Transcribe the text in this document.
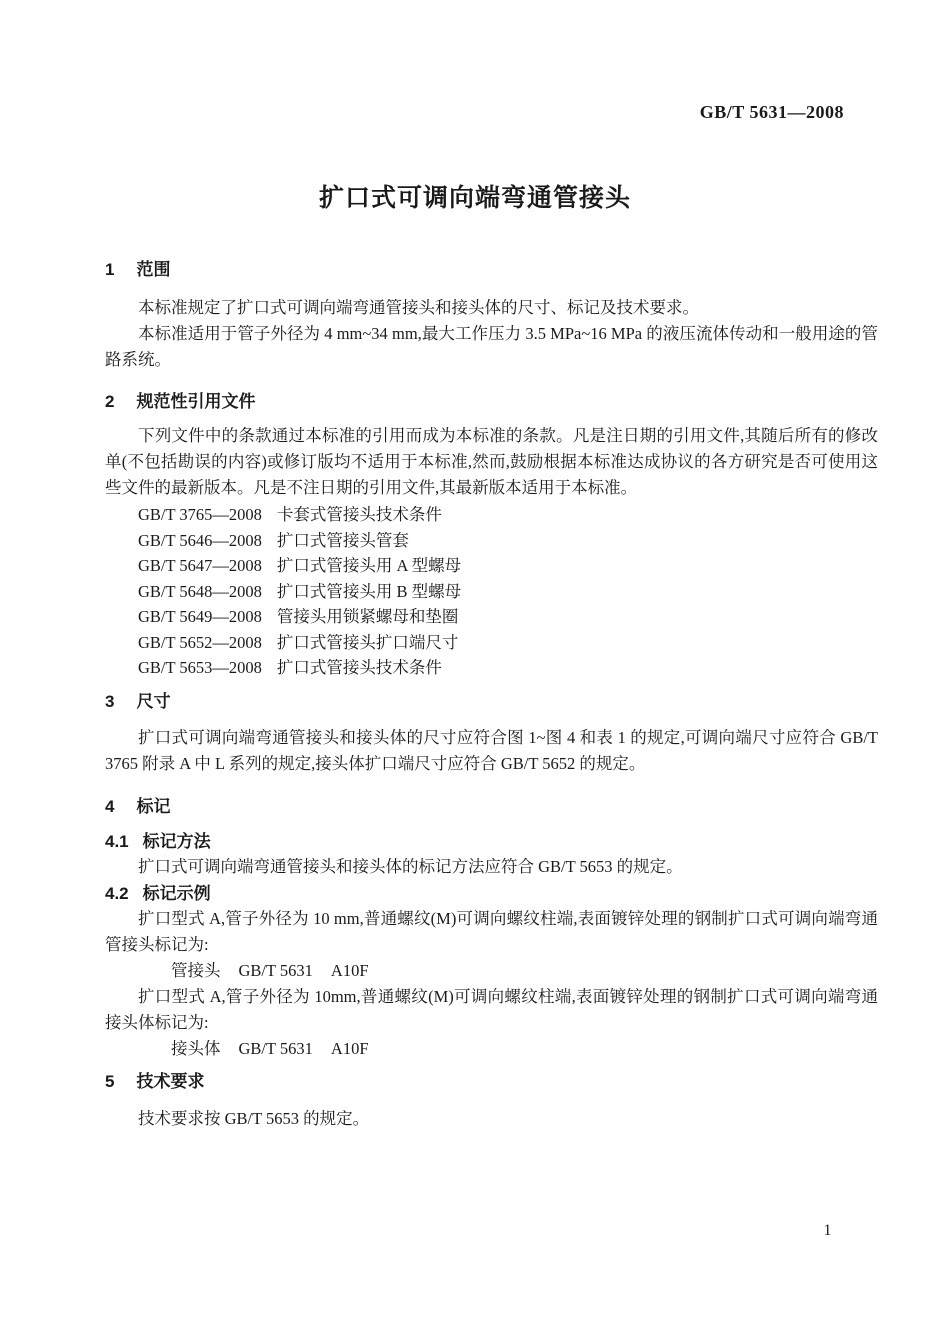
GB/T 5631—2008
扩口式可调向端弯通管接头
1 范围

本标准规定了扩口式可调向端弯通管接头和接头体的尺寸、标记及技术要求。

本标准适用于管子外径为 4 mm~34 mm,最大工作压力 3.5 MPa~16 MPa 的液压流体传动和一般用途的管路系统。

2 规范性引用文件

下列文件中的条款通过本标准的引用而成为本标准的条款。凡是注日期的引用文件,其随后所有的修改单(不包括勘误的内容)或修订版均不适用于本标准,然而,鼓励根据本标准达成协议的各方研究是否可使用这些文件的最新版本。凡是不注日期的引用文件,其最新版本适用于本标准。

GB/T 3765—2008 卡套式管接头技术条件
GB/T 5646—2008 扩口式管接头管套
GB/T 5647—2008 扩口式管接头用 A 型螺母
GB/T 5648—2008 扩口式管接头用 B 型螺母
GB/T 5649—2008 管接头用锁紧螺母和垫圈
GB/T 5652—2008 扩口式管接头扩口端尺寸
GB/T 5653—2008 扩口式管接头技术条件
3 尺寸

扩口式可调向端弯通管接头和接头体的尺寸应符合图 1~图 4 和表 1 的规定,可调向端尺寸应符合 GB/T 3765 附录 A 中 L 系列的规定,接头体扩口端尺寸应符合 GB/T 5652 的规定。

4 标记
4.1 标记方法

扩口式可调向端弯通管接头和接头体的标记方法应符合 GB/T 5653 的规定。

4.2 标记示例

扩口型式 A,管子外径为 10 mm,普通螺纹(M)可调向螺纹柱端,表面镀锌处理的钢制扩口式可调向端弯通管接头标记为:

管接头 GB/T 5631 A10F

扩口型式 A,管子外径为 10mm,普通螺纹(M)可调向螺纹柱端,表面镀锌处理的钢制扩口式可调向端弯通接头体标记为:

接头体 GB/T 5631 A10F
5 技术要求

技术要求按 GB/T 5653 的规定。

1
